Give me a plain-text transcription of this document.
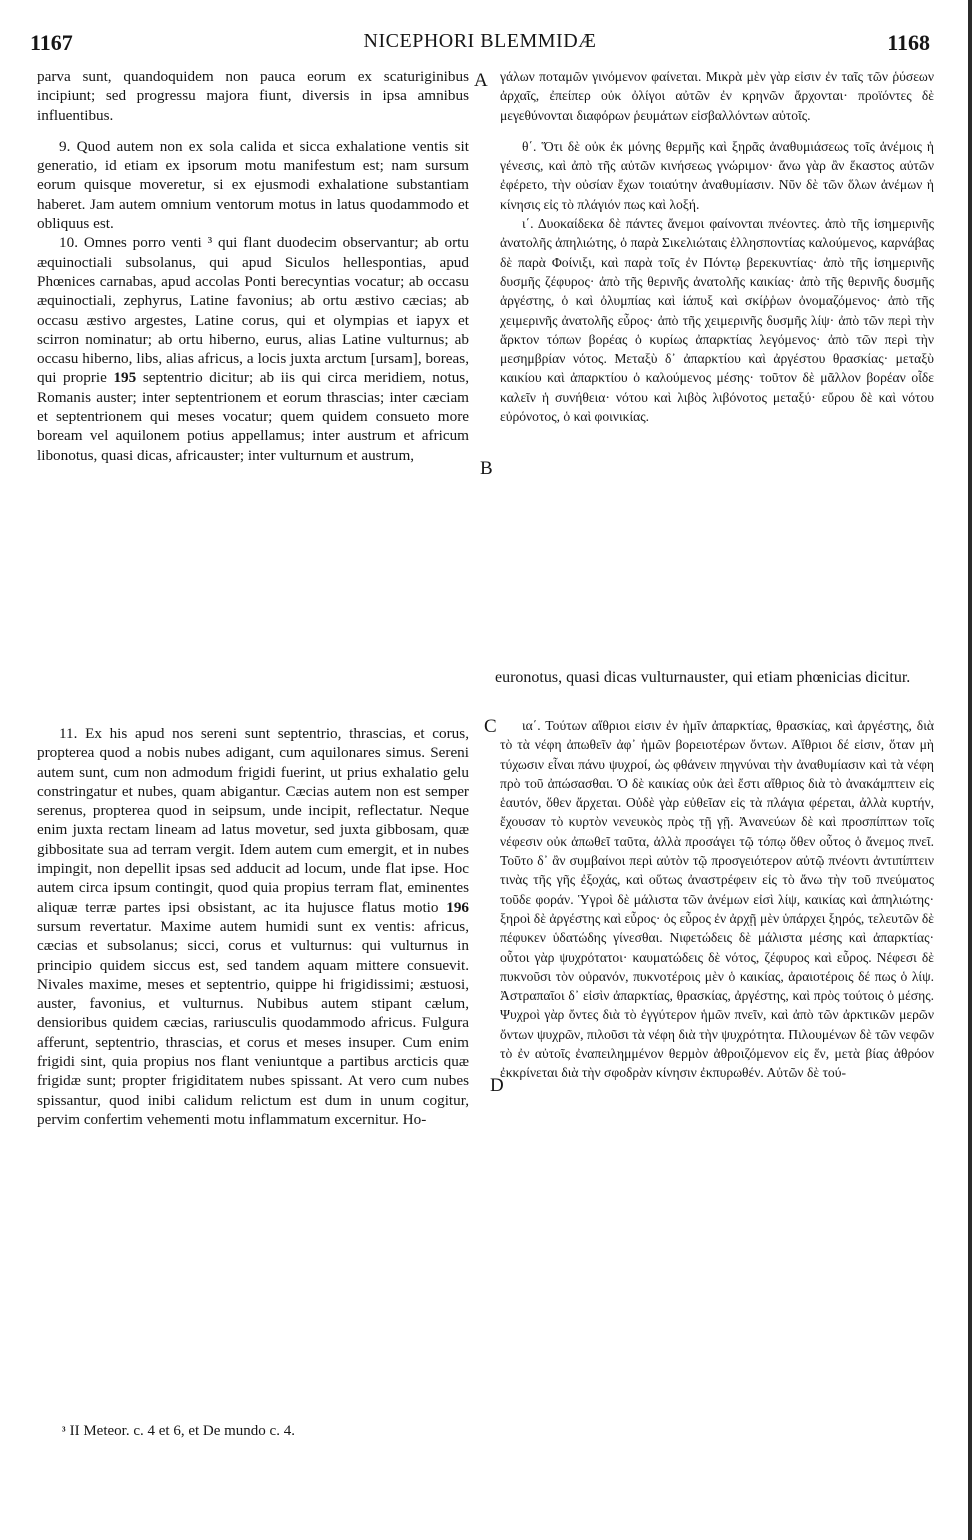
1167	NICEPHORI BLEMMIDÆ	1168
A
B
C
D

parva sunt, quandoquidem non pauca eorum ex scaturiginibus incipiunt; sed progressu majora fiunt, diversis in ipsa amnibus influentibus.

9. Quod autem non ex sola calida et sicca exhalatione ventis sit generatio, id etiam ex ipsorum motu manifestum est; nam sursum eorum quisque moveretur, si ex ejusmodi exhalatione substantiam haberet. Jam autem omnium ventorum motus in latus quodammodo et obliquus est.

10. Omnes porro venti ³ qui flant duodecim observantur; ab ortu æquinoctiali subsolanus, qui apud Siculos hellespontias, apud Phœnices carnabas, apud accolas Ponti berecyntias vocatur; ab occasu æquinoctiali, zephyrus, Latine favonius; ab ortu æstivo cæcias; ab occasu æstivo argestes, Latine corus, qui et olympias et iapyx et scirron nominatur; ab ortu hiberno, eurus, alias Latine vulturnus; ab occasu hiberno, libs, alias africus, a locis juxta arctum [ursam], boreas, qui proprie 195 septentrio dicitur; ab iis qui circa meridiem, notus, Romanis auster; inter septentrionem et eorum thrascias; inter cæciam et septentrionem qui meses vocatur; quem quidem consueto more boream vel aquilonem potius appellamus; inter austrum et africum libonotus, quasi dicas, africauster; inter vulturnum et austrum,

γάλων ποταμῶν γινόμενον φαίνεται. Μικρὰ μὲν γὰρ εἰσιν ἐν ταῖς τῶν ῥύσεων ἀρχαῖς, ἐπείπερ οὐκ ὀλίγοι αὐτῶν ἐν κρηνῶν ἄρχονται· προϊόντες δὲ μεγεθύνονται διαφόρων ῥευμάτων εἰσβαλλόντων αὐτοῖς.

θ΄. Ὅτι δὲ οὐκ ἐκ μόνης θερμῆς καὶ ξηρᾶς ἀναθυμιάσεως τοῖς ἀνέμοις ἡ γένεσις, καὶ ἀπὸ τῆς αὐτῶν κινήσεως γνώριμον· ἄνω γὰρ ἂν ἕκαστος αὐτῶν ἐφέρετο, τὴν οὐσίαν ἔχων τοιαύτην ἀναθυμίασιν. Νῦν δὲ τῶν ὅλων ἀνέμων ἡ κίνησις εἰς τὸ πλάγιόν πως καὶ λοξή.

ι΄. Δυοκαίδεκα δὲ πάντες ἄνεμοι φαίνονται πνέοντες. ἀπὸ τῆς ἰσημερινῆς ἀνατολῆς ἀπηλιώτης, ὁ παρὰ Σικελιώταις ἑλλησποντίας καλούμενος, καρνάβας δὲ παρὰ Φοίνιξι, καὶ παρὰ τοῖς ἐν Πόντῳ βερεκυντίας· ἀπὸ τῆς ἰσημερινῆς δυσμῆς ζέφυρος· ἀπὸ τῆς θερινῆς ἀνατολῆς καικίας· ἀπὸ τῆς θερινῆς δυσμῆς ἀργέστης, ὁ καὶ ὀλυμπίας καὶ ἰάπυξ καὶ σκίῤῥων ὀνομαζόμενος· ἀπὸ τῆς χειμερινῆς ἀνατολῆς εὖρος· ἀπὸ τῆς χειμερινῆς δυσμῆς λίψ· ἀπὸ τῶν περὶ τὴν ἄρκτον τόπων βορέας ὁ κυρίως ἀπαρκτίας λεγόμενος· ἀπὸ τῶν περὶ τὴν μεσημβρίαν νότος. Μεταξὺ δ᾽ ἀπαρκτίου καὶ ἀργέστου θρασκίας· μεταξὺ καικίου καὶ ἀπαρκτίου ὁ καλούμενος μέσης· τοῦτον δὲ μᾶλλον βορέαν οἶδε καλεῖν ἡ συνήθεια· νότου καὶ λιβὸς λιβόνοτος μεταξύ· εὔρου δὲ καὶ νότου εὐρόνοτος, ὁ καὶ φοινικίας.

euronotus, quasi dicas vulturnauster, qui etiam phœnicias dicitur.

11. Ex his apud nos sereni sunt septentrio, thrascias, et corus, propterea quod a nobis nubes adigant, cum aquilonares simus. Sereni autem sunt, cum non admodum frigidi fuerint, ut prius exhalatio gelu constringatur et nubes, quam abigantur. Cæcias autem non est semper serenus, propterea quod in seipsum, unde incipit, reflectatur. Neque enim juxta rectam lineam ad latus movetur, sed juxta gibbosam, quæ gibbositate sua ad terram vergit. Idem autem cum emergit, et in nubes impingit, non depellit ipsas sed adducit ad locum, unde flat ipse. Hoc autem circa ipsum contingit, quod quia propius terram flat, eminentes aliquæ terræ partes ipsi obsistant, ac ita hujusce flatus motio 196 sursum revertatur. Maxime autem humidi sunt ex ventis: africus, cæcias et subsolanus; sicci, corus et vulturnus: qui vulturnus in principio quidem siccus est, sed tandem aquam mittere consuevit. Nivales maxime, meses et septentrio, quippe hi frigidissimi; æstuosi, auster, favonius, et vulturnus. Nubibus autem stipant cælum, densioribus quidem cæcias, rariusculis quodammodo africus. Fulgura afferunt, septentrio, thrascias, et corus et meses insuper. Cum enim frigidi sint, quia propius nos flant veniuntque a partibus arcticis quæ frigidæ sunt; propter frigiditatem nubes spissant. At vero cum nubes spissantur, quod inibi calidum relictum est dum in unum cogitur, pervim confertim vehementi motu inflammatum excernitur. Ho-

ια΄. Τούτων αἴθριοι εἰσιν ἐν ἡμῖν ἀπαρκτίας, θρασκίας, καὶ ἀργέστης, διὰ τὸ τὰ νέφη ἀπωθεῖν ἀφ᾽ ἡμῶν βορειοτέρων ὄντων. Αἴθριοι δέ εἰσιν, ὅταν μὴ τύχωσιν εἶναι πάνυ ψυχροί, ὡς φθάνειν πηγνύναι τὴν ἀναθυμίασιν καὶ τὰ νέφη πρὸ τοῦ ἀπώσασθαι. Ὁ δὲ καικίας οὐκ ἀεὶ ἔστι αἴθριος διὰ τὸ ἀνακάμπτειν εἰς ἑαυτόν, ὅθεν ἄρχεται. Οὐδὲ γὰρ εὐθεῖαν εἰς τὰ πλάγια φέρεται, ἀλλὰ κυρτήν, ἔχουσαν τὸ κυρτὸν νενευκὸς πρὸς τῇ γῇ. Ἀνανεύων δὲ καὶ προσπίπτων τοῖς νέφεσιν οὐκ ἀπωθεῖ ταῦτα, ἀλλὰ προσάγει τῷ τόπῳ ὅθεν οὗτος ὁ ἄνεμος πνεῖ. Τοῦτο δ᾽ ἂν συμβαίνοι περὶ αὐτὸν τῷ προσγειότερον αὐτῷ πνέοντι ἀντιπίπτειν τινὰς τῆς γῆς ἐξοχάς, καὶ οὕτως ἀναστρέφειν εἰς τὸ ἄνω τὴν τοῦ πνεύματος τοῦδε φοράν. Ὑγροὶ δὲ μάλιστα τῶν ἀνέμων εἰσὶ λίψ, καικίας καὶ ἀπηλιώτης· ξηροὶ δὲ ἀργέστης καὶ εὖρος· ὁς εὖρος ἐν ἀρχῇ μὲν ὑπάρχει ξηρός, τελευτῶν δὲ πέφυκεν ὑδατώδης γίνεσθαι. Νιφετώδεις δὲ μάλιστα μέσης καὶ ἀπαρκτίας· οὗτοι γὰρ ψυχρότατοι· καυματώδεις δὲ νότος, ζέφυρος καὶ εὖρος. Νέφεσι δὲ πυκνοῦσι τὸν οὐρανόν, πυκνοτέροις μὲν ὁ καικίας, ἀραιοτέροις δέ πως ὁ λίψ. Ἀστραπαῖοι δ᾽ εἰσὶν ἀπαρκτίας, θρασκίας, ἀργέστης, καὶ πρὸς τούτοις ὁ μέσης. Ψυχροὶ γὰρ ὄντες διὰ τὸ ἐγγύτερον ἡμῶν πνεῖν, καὶ ἀπὸ τῶν ἀρκτικῶν μερῶν ὄντων ψυχρῶν, πιλοῦσι τὰ νέφη διὰ τὴν ψυχρότητα. Πιλουμένων δὲ τῶν νεφῶν τὸ ἐν αὐτοῖς ἐναπειλημμένον θερμὸν ἀθροιζόμενον εἰς ἕν, μετὰ βίας ἀθρόον ἐκκρίνεται διὰ τὴν σφοδρὰν κίνησιν ἐκπυρωθέν. Αὐτῶν δὲ τού-

³ II Meteor. c. 4 et 6, et De mundo c. 4.
